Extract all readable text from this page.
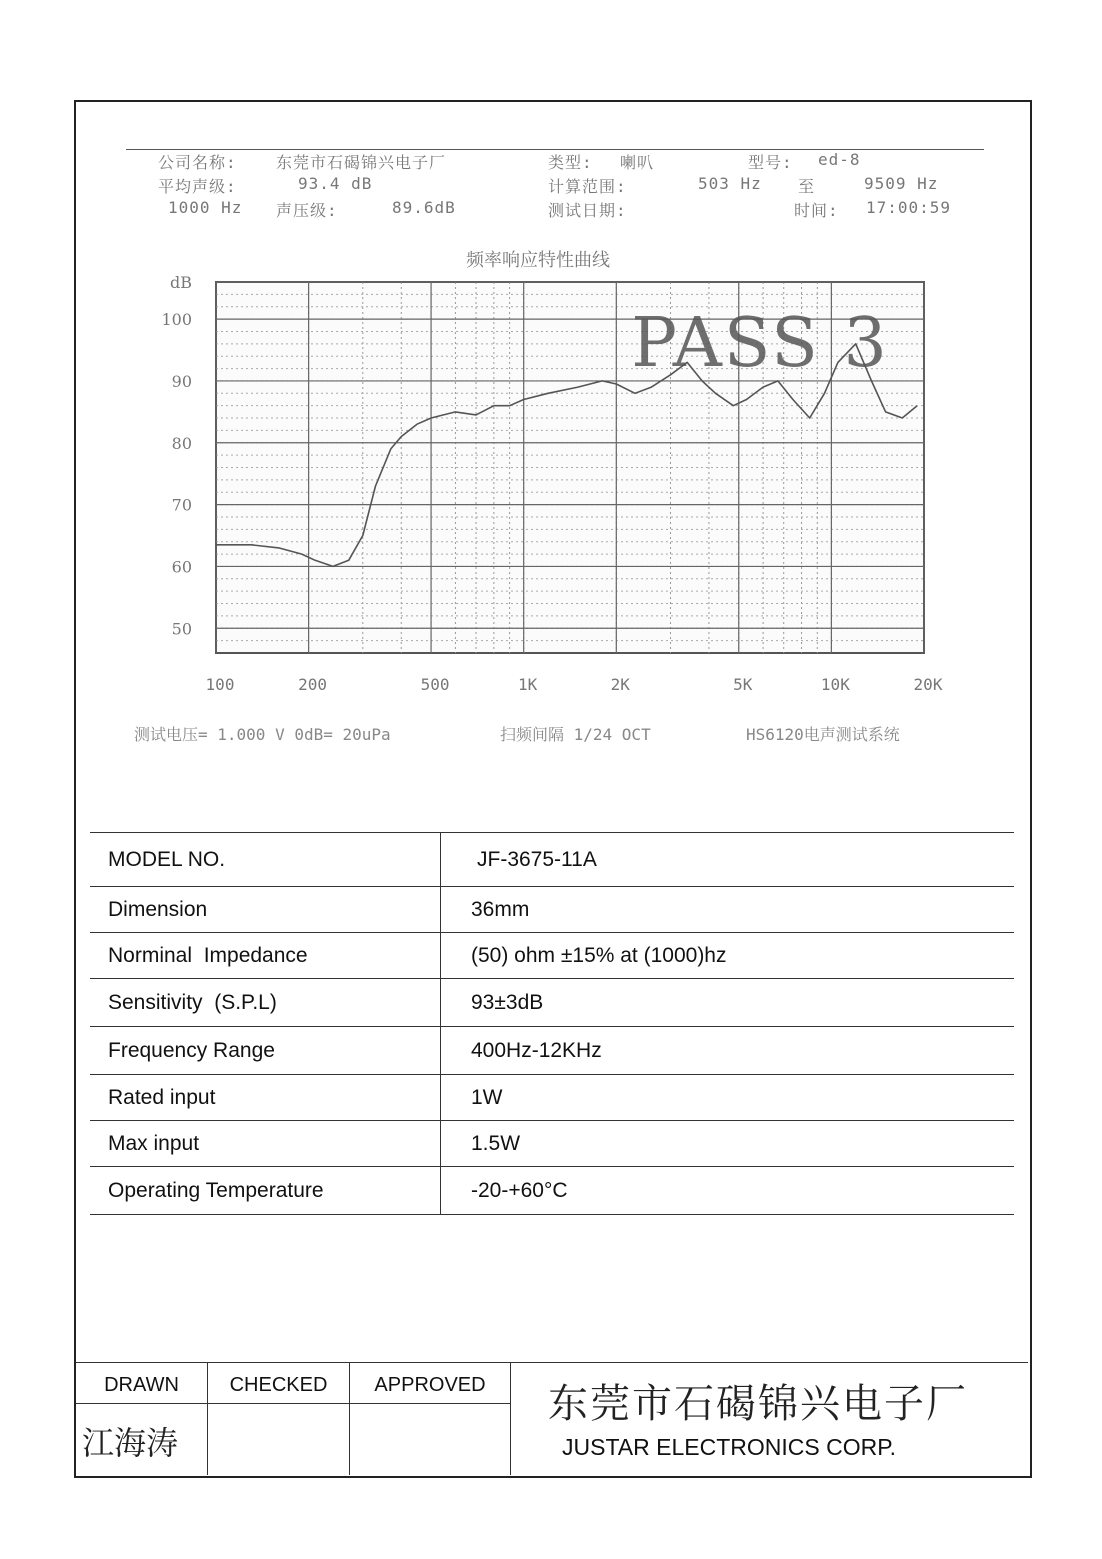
公司名称: 东莞市石碣锦兴电子厂	类型: 喇叭	型号: ed-8
平均声级:	93.4 dB	计算范围:	503 Hz 至	9509 Hz
1000 Hz 声压级:	89.6dB	测试日期:	时间: 17:00:59
频率响应特性曲线
dB
100
90
80
70
60
50
100	200	500	1K	2K	5K	10K	20K
PASS 3
测试电压= 1.000 V 0dB= 20uPa	扫频间隔 1/24 OCT	HS6120电声测试系统
MODEL NO.	JF-3675-11A
Dimension	36mm
Norminal  Impedance	(50) ohm ±15% at (1000)hz
Sensitivity  (S.P.L)	93±3dB
Frequency Range	400Hz-12KHz
Rated input	1W
Max input	1.5W
Operating Temperature	-20-+60°C
DRAWN	CHECKED	APPROVED
江海涛
东莞市石碣锦兴电子厂
JUSTAR ELECTRONICS CORP.
